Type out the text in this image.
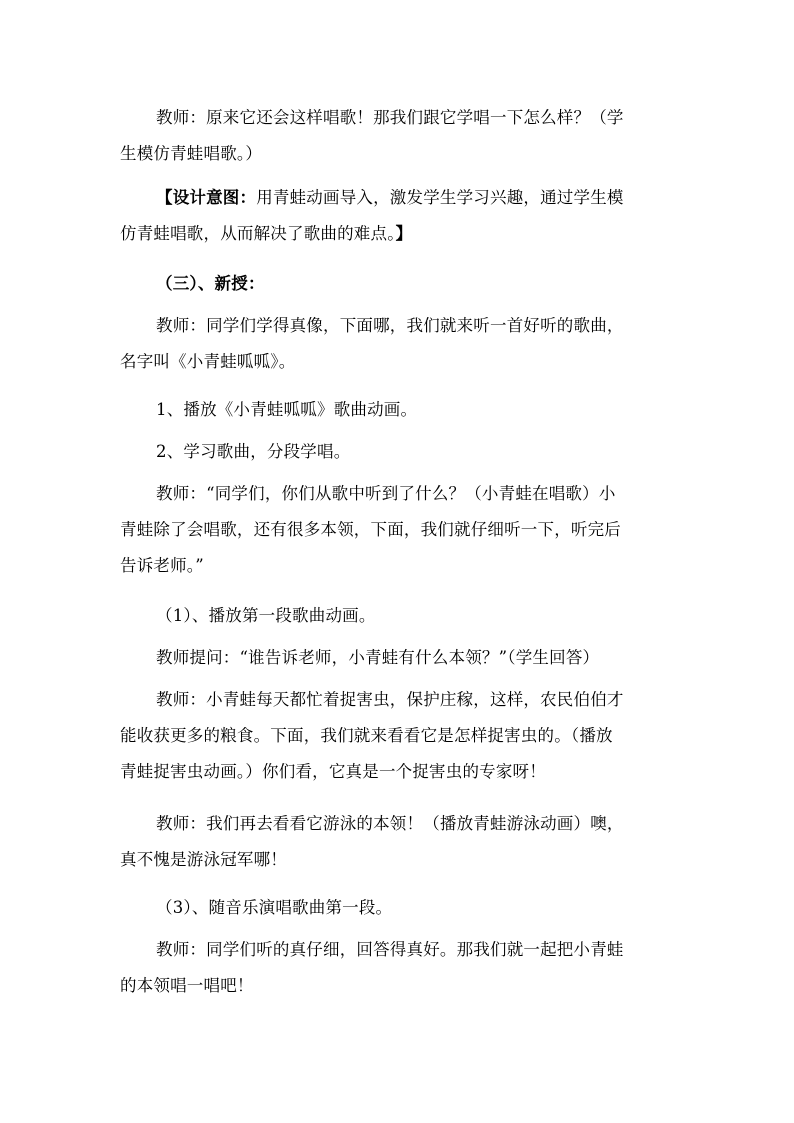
教师：原来它还会这样唱歌！那我们跟它学唱一下怎么样？（学
生模仿青蛙唱歌。）
【设计意图：用青蛙动画导入，激发学生学习兴趣，通过学生模
仿青蛙唱歌，从而解决了歌曲的难点。】
（三）、新授：
教师：同学们学得真像，下面哪，我们就来听一首好听的歌曲，
名字叫《小青蛙呱呱》。
1、播放《小青蛙呱呱》歌曲动画。
2、学习歌曲，分段学唱。
教师：“同学们，你们从歌中听到了什么？（小青蛙在唱歌）小
青蛙除了会唱歌，还有很多本领，下面，我们就仔细听一下，听完后
告诉老师。”
（1）、播放第一段歌曲动画。
教师提问：“谁告诉老师，小青蛙有什么本领？”（学生回答）
教师：小青蛙每天都忙着捉害虫，保护庄稼，这样，农民伯伯才
能收获更多的粮食。下面，我们就来看看它是怎样捉害虫的。（播放
青蛙捉害虫动画。）你们看，它真是一个捉害虫的专家呀！
教师：我们再去看看它游泳的本领！（播放青蛙游泳动画）噢，
真不愧是游泳冠军哪！
（3）、随音乐演唱歌曲第一段。
教师：同学们听的真仔细，回答得真好。那我们就一起把小青蛙
的本领唱一唱吧！
